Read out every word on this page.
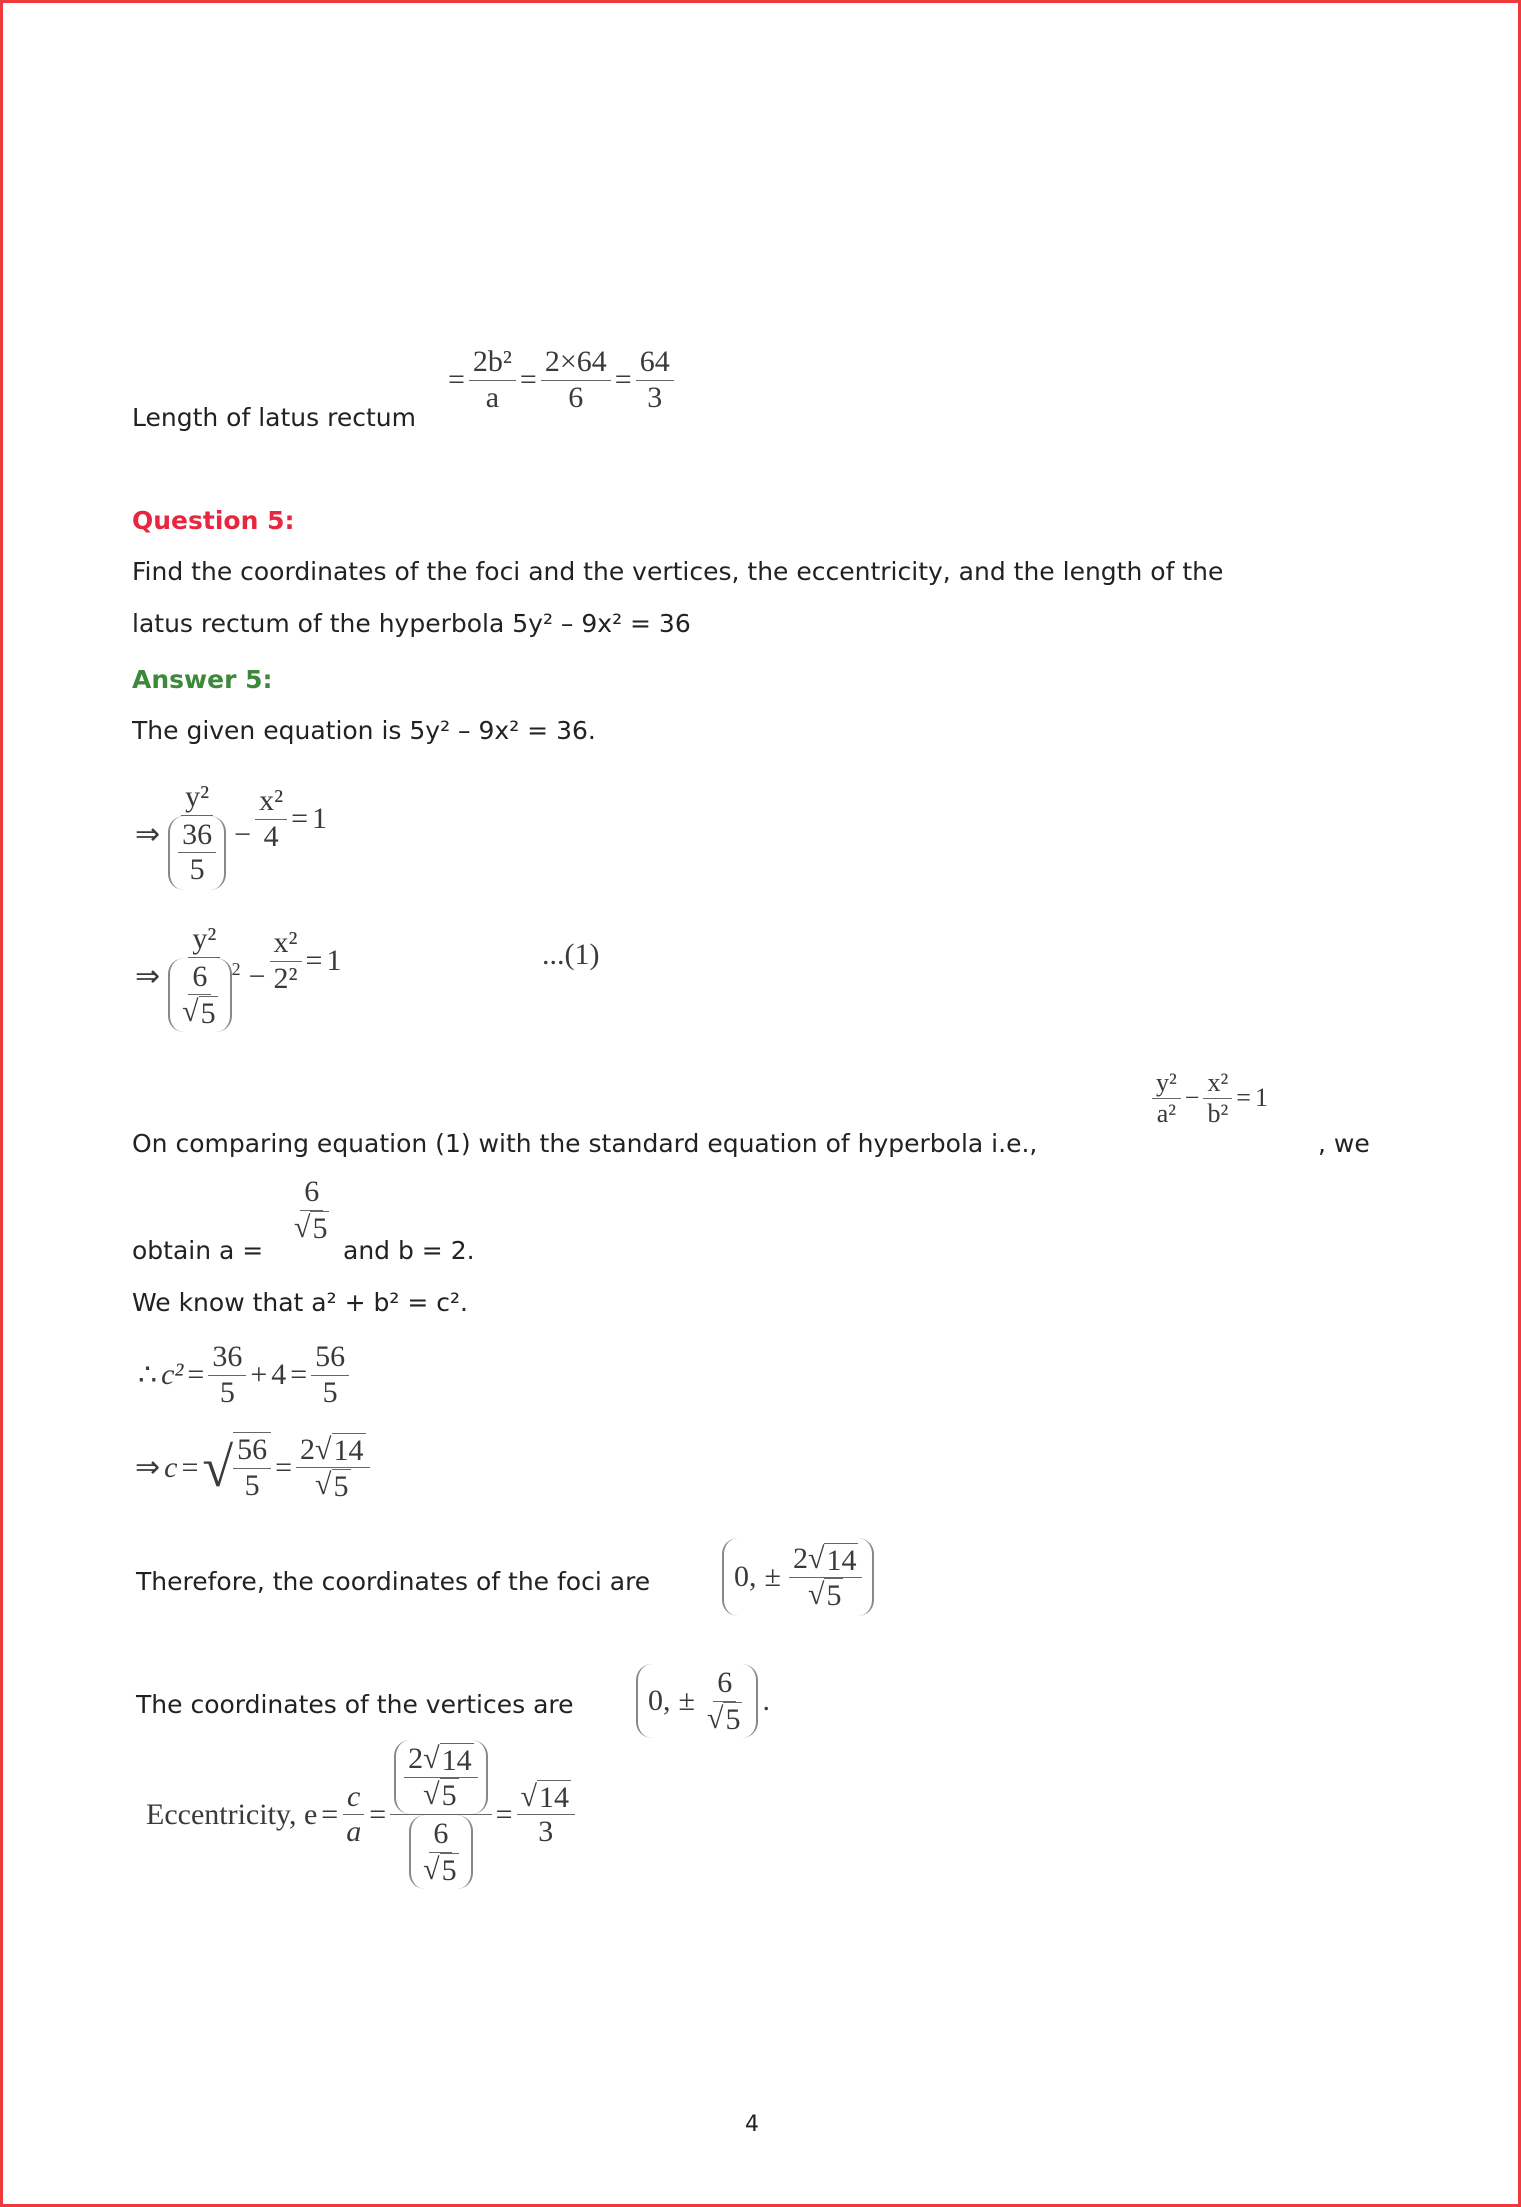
Length of latus rectum
= $\frac{\text{2b²}}{a} = \frac{2\times 64}{6} = \frac{64}{3}$
Question 5:
Find the coordinates of the foci and the vertices, the eccentricity, and the length of the
latus rectum of the hyperbola 5y² – 9x² = 36
Answer 5:
The given equation is 5y² – 9x² = 36.
⇒ $\frac{\text{y²}}{\frac{36}{5}} - \frac{\text{x²}}{4} = 1$
⇒ $\frac{\text{y²}}{\frac{6}{√ 5} ^2} - \frac{\text{x²}}{\text{2²}} = 1$	...(1)
On comparing equation (1) with the standard equation of hyperbola i.e.,
$\frac{\text{y²}}{\text{a²}} - \frac{\text{x²}}{\text{b²}} = 1$
, we
obtain a =
$\frac{6}{√ 5}$
and b = 2.
We know that a² + b² = c².
∴ $c^2 = \frac{36}{5} + 4 = \frac{56}{5}$
⇒ c = √ $\frac{56}{5} = \frac{2 √ 14}{√ 5}$
Therefore, the coordinates of the foci are	0, ± $\frac{2 √ 14}{√ 5}$
The coordinates of the vertices are 0, ± $\frac{6}{√ 5}$ .
Eccentricity, $e = \frac{c}{a} = \frac{\frac{2 √ 14}{√ 5}}{\frac{6}{√ 5}} = \frac{√ 14}{3}$
4
